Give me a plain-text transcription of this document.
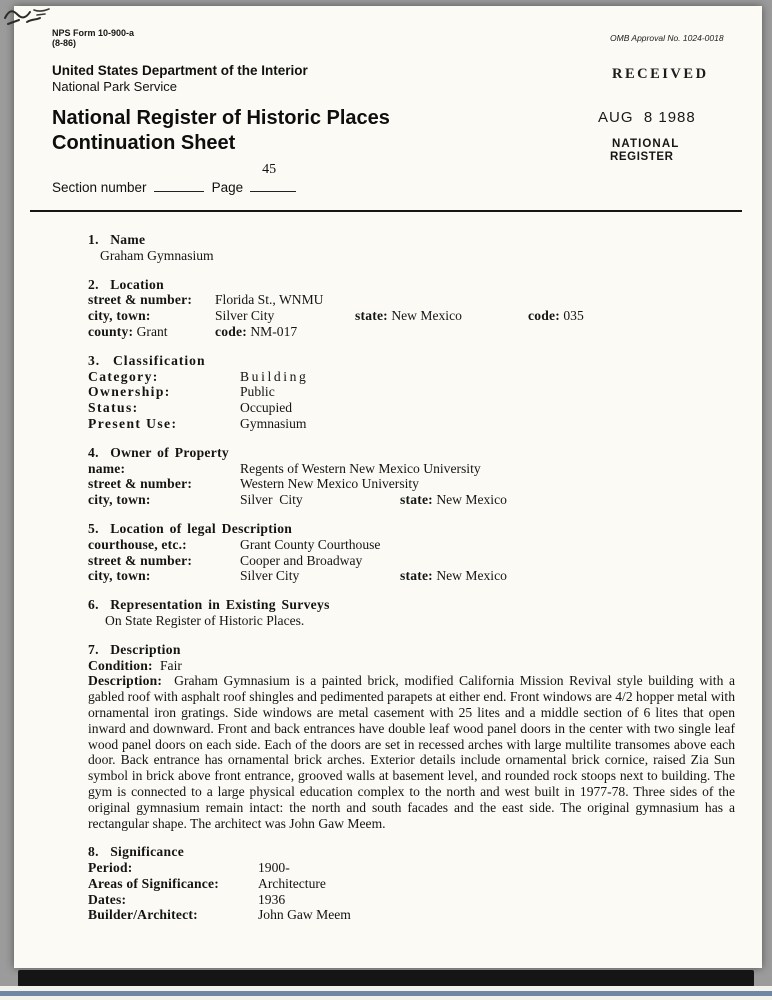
NPS Form 10-900-a
(8-86)	OMB Approval No. 1024-0018
United States Department of the Interior
National Park Service
RECEIVED
AUG  8 1988
NATIONAL
REGISTER
National Register of Historic Places
Continuation Sheet
Section number	Page
45
1.  Name
Graham Gymnasium
2.  Location
street & number: Florida St., WNMU
city, town:	Silver City	state: New Mexico	code: 035
county: Grant	code: NM-017
3.  Classification
Category:	Building
Ownership:	Public
Status:	Occupied
Present Use:	Gymnasium
4.  Owner of Property
name:	Regents of Western New Mexico University
street & number:	Western New Mexico University
city, town:	Silver  City	state: New Mexico
5.  Location of legal Description
courthouse, etc.:	Grant County Courthouse
street & number:	Cooper and Broadway
city, town:	Silver City	state: New Mexico
6.  Representation in Existing Surveys
On State Register of Historic Places.
7.  Description
Condition: Fair

Description: Graham Gymnasium is a painted brick, modified California Mission Revival style building with a gabled roof with asphalt roof shingles and pedimented parapets at either end. Front windows are 4/2 hopper metal with ornamental iron gratings. Side windows are metal casement with 25 lites and a middle section of 6 lites that open inward and downward. Front and back entrances have double leaf wood panel doors in the center with two single leaf wood panel doors on each side. Each of the doors are set in recessed arches with large multilite transomes above each door. Back entrance has ornamental brick arches. Exterior details include ornamental brick cornice, raised Zia Sun symbol in brick above front entrance, grooved walls at basement level, and rounded rock stoops next to building. The gym is connected to a large physical education complex to the north and west built in 1977-78. Three sides of the original gymnasium remain intact: the north and south facades and the east side. The original gymnasium has a rectangular shape. The architect was John Gaw Meem.

8.  Significance
Period:	1900-
Areas of Significance:	Architecture
Dates:	1936
Builder/Architect:	John Gaw Meem
